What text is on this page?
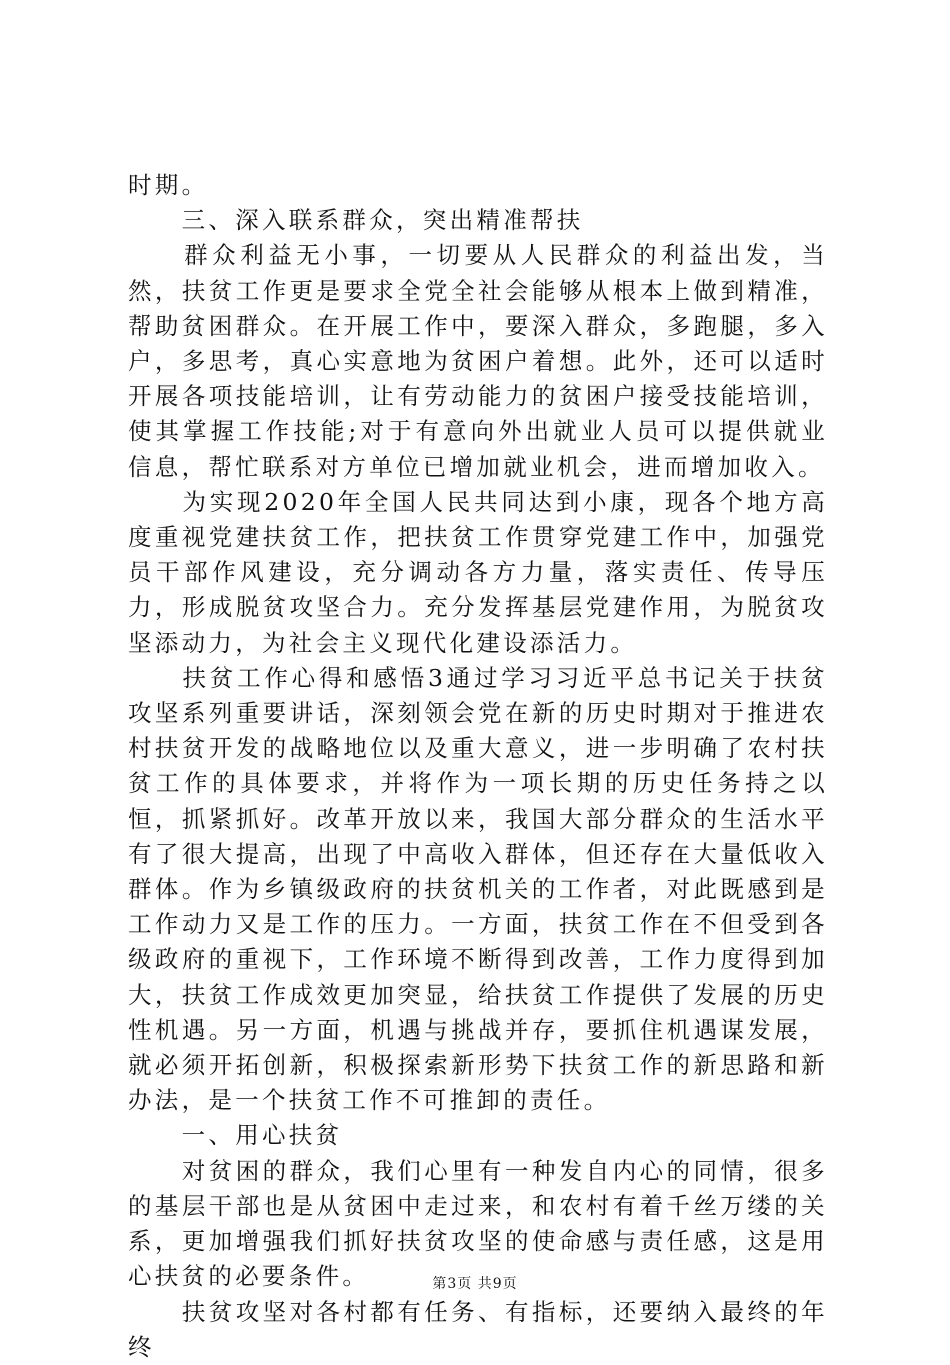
时期。

　　三、深入联系群众，突出精准帮扶

　　群众利益无小事，一切要从人民群众的利益出发，当然，扶贫工作更是要求全党全社会能够从根本上做到精准，帮助贫困群众。在开展工作中，要深入群众，多跑腿，多入户，多思考，真心实意地为贫困户着想。此外，还可以适时开展各项技能培训，让有劳动能力的贫困户接受技能培训，使其掌握工作技能;对于有意向外出就业人员可以提供就业信息，帮忙联系对方单位已增加就业机会，进而增加收入。

　　为实现2020年全国人民共同达到小康，现各个地方高度重视党建扶贫工作，把扶贫工作贯穿党建工作中，加强党员干部作风建设，充分调动各方力量，落实责任、传导压力，形成脱贫攻坚合力。充分发挥基层党建作用，为脱贫攻坚添动力，为社会主义现代化建设添活力。

　　扶贫工作心得和感悟3通过学习习近平总书记关于扶贫攻坚系列重要讲话，深刻领会党在新的历史时期对于推进农村扶贫开发的战略地位以及重大意义，进一步明确了农村扶贫工作的具体要求，并将作为一项长期的历史任务持之以恒，抓紧抓好。改革开放以来，我国大部分群众的生活水平有了很大提高，出现了中高收入群体，但还存在大量低收入群体。作为乡镇级政府的扶贫机关的工作者，对此既感到是工作动力又是工作的压力。一方面，扶贫工作在不但受到各级政府的重视下，工作环境不断得到改善，工作力度得到加大，扶贫工作成效更加突显，给扶贫工作提供了发展的历史性机遇。另一方面，机遇与挑战并存，要抓住机遇谋发展，就必须开拓创新，积极探索新形势下扶贫工作的新思路和新办法，是一个扶贫工作不可推卸的责任。

　　一、用心扶贫

　　对贫困的群众，我们心里有一种发自内心的同情，很多的基层干部也是从贫困中走过来，和农村有着千丝万缕的关系，更加增强我们抓好扶贫攻坚的使命感与责任感，这是用心扶贫的必要条件。

　　扶贫攻坚对各村都有任务、有指标，还要纳入最终的年终

第3页 共9页
